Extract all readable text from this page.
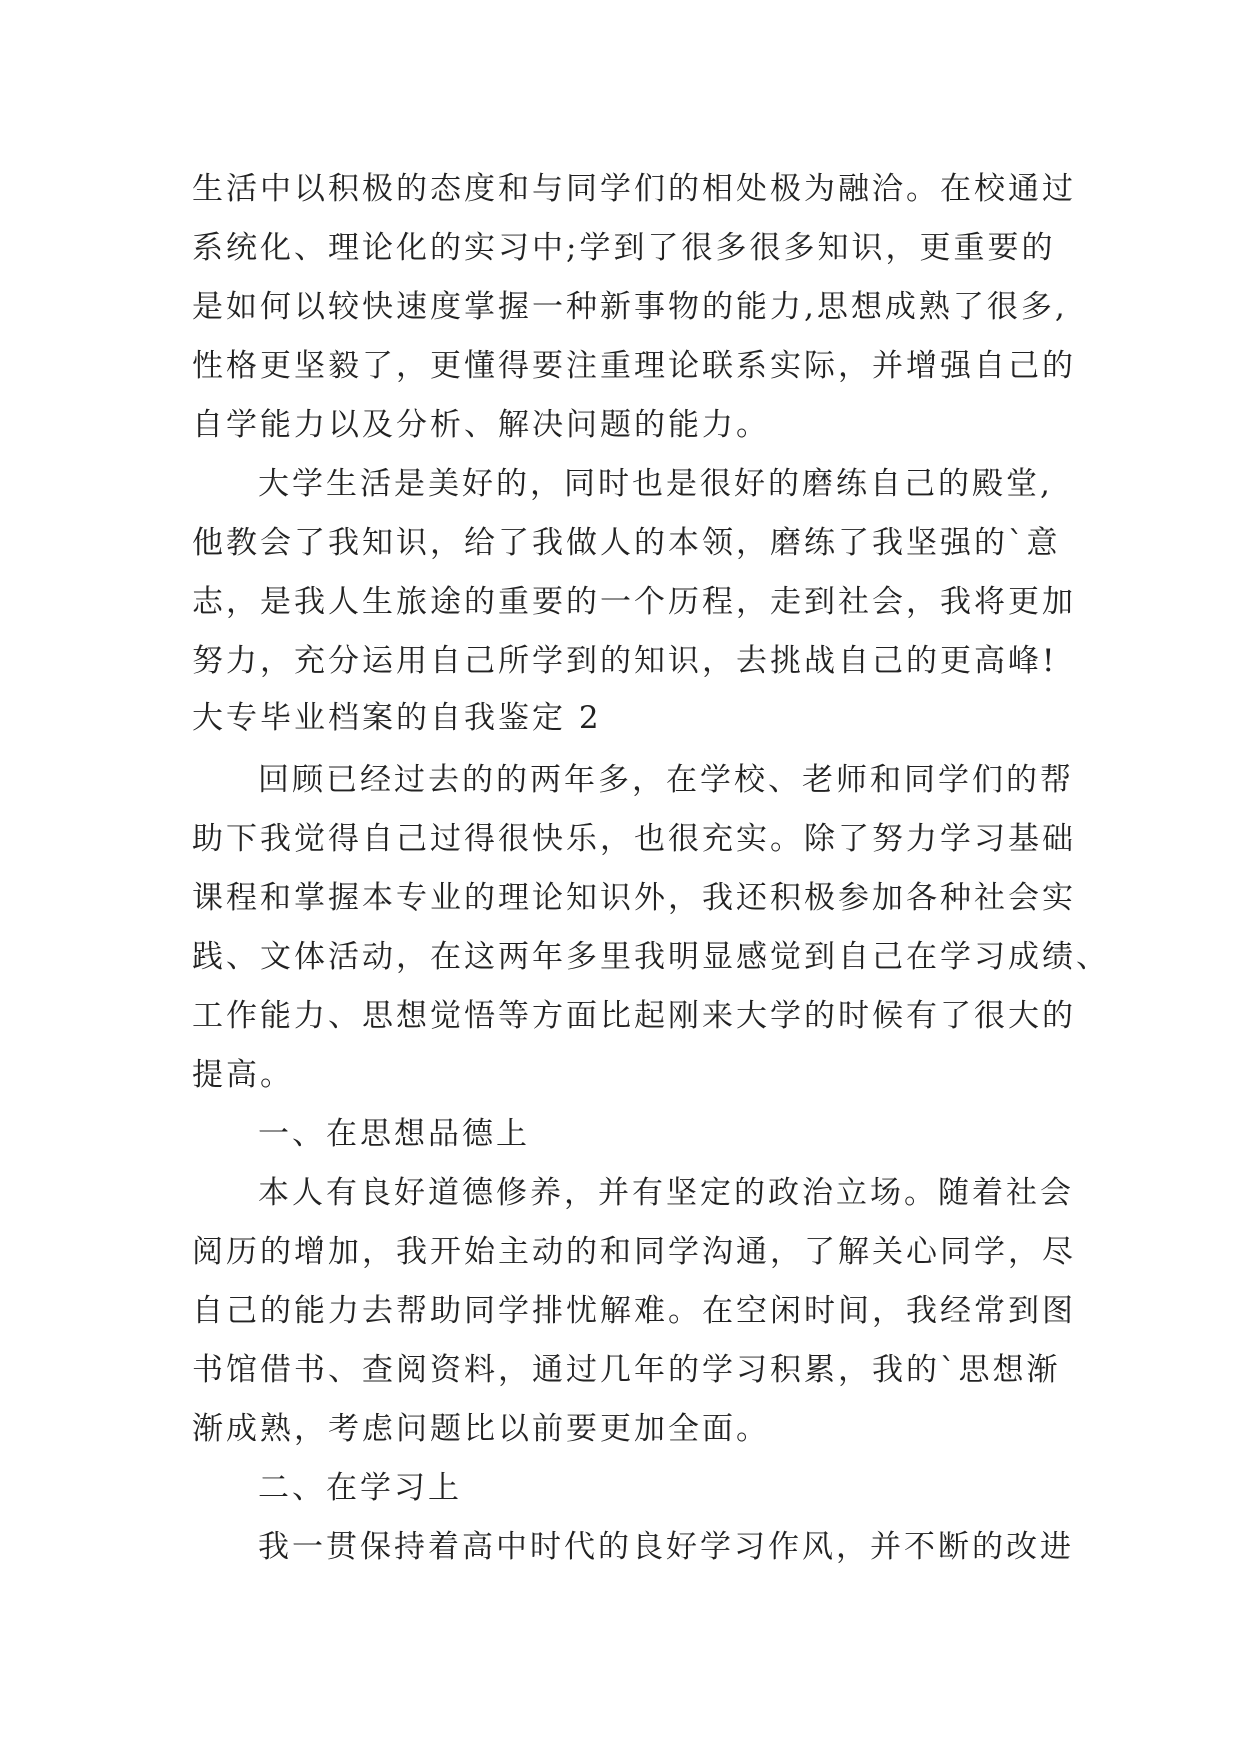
生活中以积极的态度和与同学们的相处极为融洽。在校通过

系统化、理论化的实习中;学到了很多很多知识，更重要的

是如何以较快速度掌握一种新事物的能力,思想成熟了很多,

性格更坚毅了，更懂得要注重理论联系实际，并增强自己的

自学能力以及分析、解决问题的能力。

大学生活是美好的，同时也是很好的磨练自己的殿堂,

他教会了我知识，给了我做人的本领，磨练了我坚强的`意

志，是我人生旅途的重要的一个历程，走到社会，我将更加

努力，充分运用自己所学到的知识，去挑战自己的更高峰!

大专毕业档案的自我鉴定 2

回顾已经过去的的两年多，在学校、老师和同学们的帮

助下我觉得自己过得很快乐，也很充实。除了努力学习基础

课程和掌握本专业的理论知识外，我还积极参加各种社会实

践、文体活动，在这两年多里我明显感觉到自己在学习成绩、

工作能力、思想觉悟等方面比起刚来大学的时候有了很大的

提高。

一、在思想品德上

本人有良好道德修养，并有坚定的政治立场。随着社会

阅历的增加，我开始主动的和同学沟通，了解关心同学，尽

自己的能力去帮助同学排忧解难。在空闲时间，我经常到图

书馆借书、查阅资料，通过几年的学习积累，我的`思想渐

渐成熟，考虑问题比以前要更加全面。

二、在学习上

我一贯保持着高中时代的良好学习作风，并不断的改进
